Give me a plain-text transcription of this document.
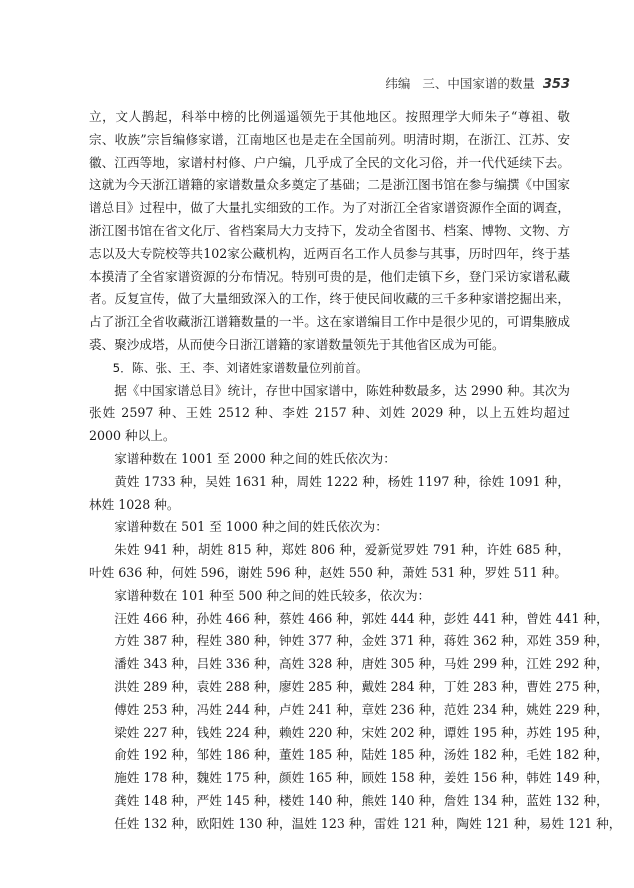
纬编 三、中国家谱的数量 353

立，文人鹊起，科举中榜的比例遥遥领先于其他地区。按照理学大师朱子“尊祖、敬宗、收族”宗旨编修家谱，江南地区也是走在全国前列。明清时期，在浙江、江苏、安徽、江西等地，家谱村村修、户户编，几乎成了全民的文化习俗，并一代代延续下去。这就为今天浙江谱籍的家谱数量众多奠定了基础；二是浙江图书馆在参与编撰《中国家谱总目》过程中，做了大量扎实细致的工作。为了对浙江全省家谱资源作全面的调查，浙江图书馆在省文化厅、省档案局大力支持下，发动全省图书、档案、博物、文物、方志以及大专院校等共102家公藏机构，近两百名工作人员参与其事，历时四年，终于基本摸清了全省家谱资源的分布情况。特别可贵的是，他们走镇下乡，登门采访家谱私藏者。反复宣传，做了大量细致深入的工作，终于使民间收藏的三千多种家谱挖掘出来，占了浙江全省收藏浙江谱籍数量的一半。这在家谱编目工作中是很少见的，可谓集腋成裘、聚沙成塔，从而使今日浙江谱籍的家谱数量领先于其他省区成为可能。

5．陈、张、王、李、刘诸姓家谱数量位列前首。

据《中国家谱总目》统计，存世中国家谱中，陈姓种数最多，达 2990 种。其次为张姓 2597 种、王姓 2512 种、李姓 2157 种、刘姓 2029 种，以上五姓均超过 2000 种以上。

家谱种数在 1001 至 2000 种之间的姓氏依次为：

黄姓 1733 种，吴姓 1631 种，周姓 1222 种，杨姓 1197 种，徐姓 1091 种，林姓 1028 种。

家谱种数在 501 至 1000 种之间的姓氏依次为：

朱姓 941 种，胡姓 815 种，郑姓 806 种，爱新觉罗姓 791 种，许姓 685 种，叶姓 636 种，何姓 596，谢姓 596 种，赵姓 550 种，萧姓 531 种，罗姓 511 种。

家谱种数在 101 种至 500 种之间的姓氏较多，依次为：

汪姓 466 种， 孙姓 466 种， 蔡姓 466 种， 郭姓 444 种， 彭姓 441 种， 曾姓 441 种，
方姓 387 种， 程姓 380 种， 钟姓 377 种， 金姓 371 种， 蒋姓 362 种， 邓姓 359 种，
潘姓 343 种， 吕姓 336 种， 高姓 328 种， 唐姓 305 种， 马姓 299 种， 江姓 292 种，
洪姓 289 种， 袁姓 288 种， 廖姓 285 种， 戴姓 284 种， 丁姓 283 种， 曹姓 275 种，
傅姓 253 种， 冯姓 244 种， 卢姓 241 种， 章姓 236 种， 范姓 234 种， 姚姓 229 种，
梁姓 227 种， 钱姓 224 种， 赖姓 220 种， 宋姓 202 种， 谭姓 195 种， 苏姓 195 种，
俞姓 192 种， 邹姓 186 种， 董姓 185 种， 陆姓 185 种， 汤姓 182 种， 毛姓 182 种，
施姓 178 种， 魏姓 175 种， 颜姓 165 种， 顾姓 158 种， 姜姓 156 种， 韩姓 149 种，
龚姓 148 种， 严姓 145 种， 楼姓 140 种， 熊姓 140 种， 詹姓 134 种， 蓝姓 132 种，
任姓 132 种， 欧阳姓 130 种， 温姓 123 种， 雷姓 121 种， 陶姓 121 种， 易姓 121 种，
